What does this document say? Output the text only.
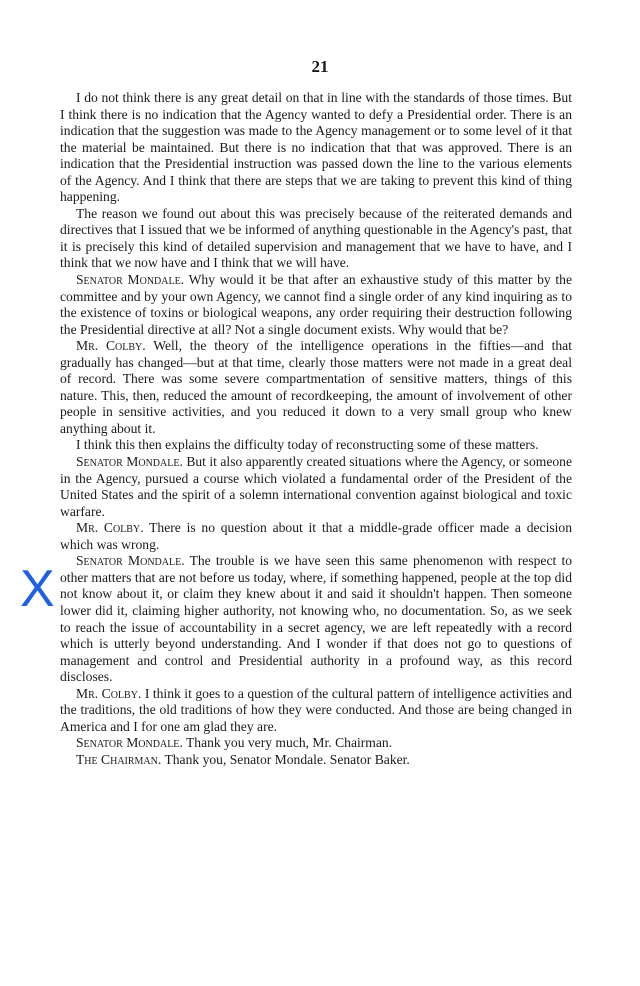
21
X

I do not think there is any great detail on that in line with the standards of those times. But I think there is no indication that the Agency wanted to defy a Presidential order. There is an indication that the suggestion was made to the Agency management or to some level of it that the material be maintained. But there is no indication that that was approved. There is an indication that the Presidential instruction was passed down the line to the various elements of the Agency. And I think that there are steps that we are taking to prevent this kind of thing happening.

The reason we found out about this was precisely because of the reiterated demands and directives that I issued that we be informed of anything questionable in the Agency's past, that it is precisely this kind of detailed supervision and management that we have to have, and I think that we now have and I think that we will have.

Senator Mondale. Why would it be that after an exhaustive study of this matter by the committee and by your own Agency, we cannot find a single order of any kind inquiring as to the existence of toxins or biological weapons, any order requiring their destruction following the Presidential directive at all? Not a single document exists. Why would that be?

Mr. Colby. Well, the theory of the intelligence operations in the fifties—and that gradually has changed—but at that time, clearly those matters were not made in a great deal of record. There was some severe compartmentation of sensitive matters, things of this nature. This, then, reduced the amount of recordkeeping, the amount of involvement of other people in sensitive activities, and you reduced it down to a very small group who knew anything about it.

I think this then explains the difficulty today of reconstructing some of these matters.

Senator Mondale. But it also apparently created situations where the Agency, or someone in the Agency, pursued a course which violated a fundamental order of the President of the United States and the spirit of a solemn international convention against biological and toxic warfare.

Mr. Colby. There is no question about it that a middle-grade officer made a decision which was wrong.

Senator Mondale. The trouble is we have seen this same phenomenon with respect to other matters that are not before us today, where, if something happened, people at the top did not know about it, or claim they knew about it and said it shouldn't happen. Then someone lower did it, claiming higher authority, not knowing who, no documentation. So, as we seek to reach the issue of accountability in a secret agency, we are left repeatedly with a record which is utterly beyond understanding. And I wonder if that does not go to questions of management and control and Presidential authority in a profound way, as this record discloses.

Mr. Colby. I think it goes to a question of the cultural pattern of intelligence activities and the traditions, the old traditions of how they were conducted. And those are being changed in America and I for one am glad they are.

Senator Mondale. Thank you very much, Mr. Chairman.

The Chairman. Thank you, Senator Mondale. Senator Baker.
